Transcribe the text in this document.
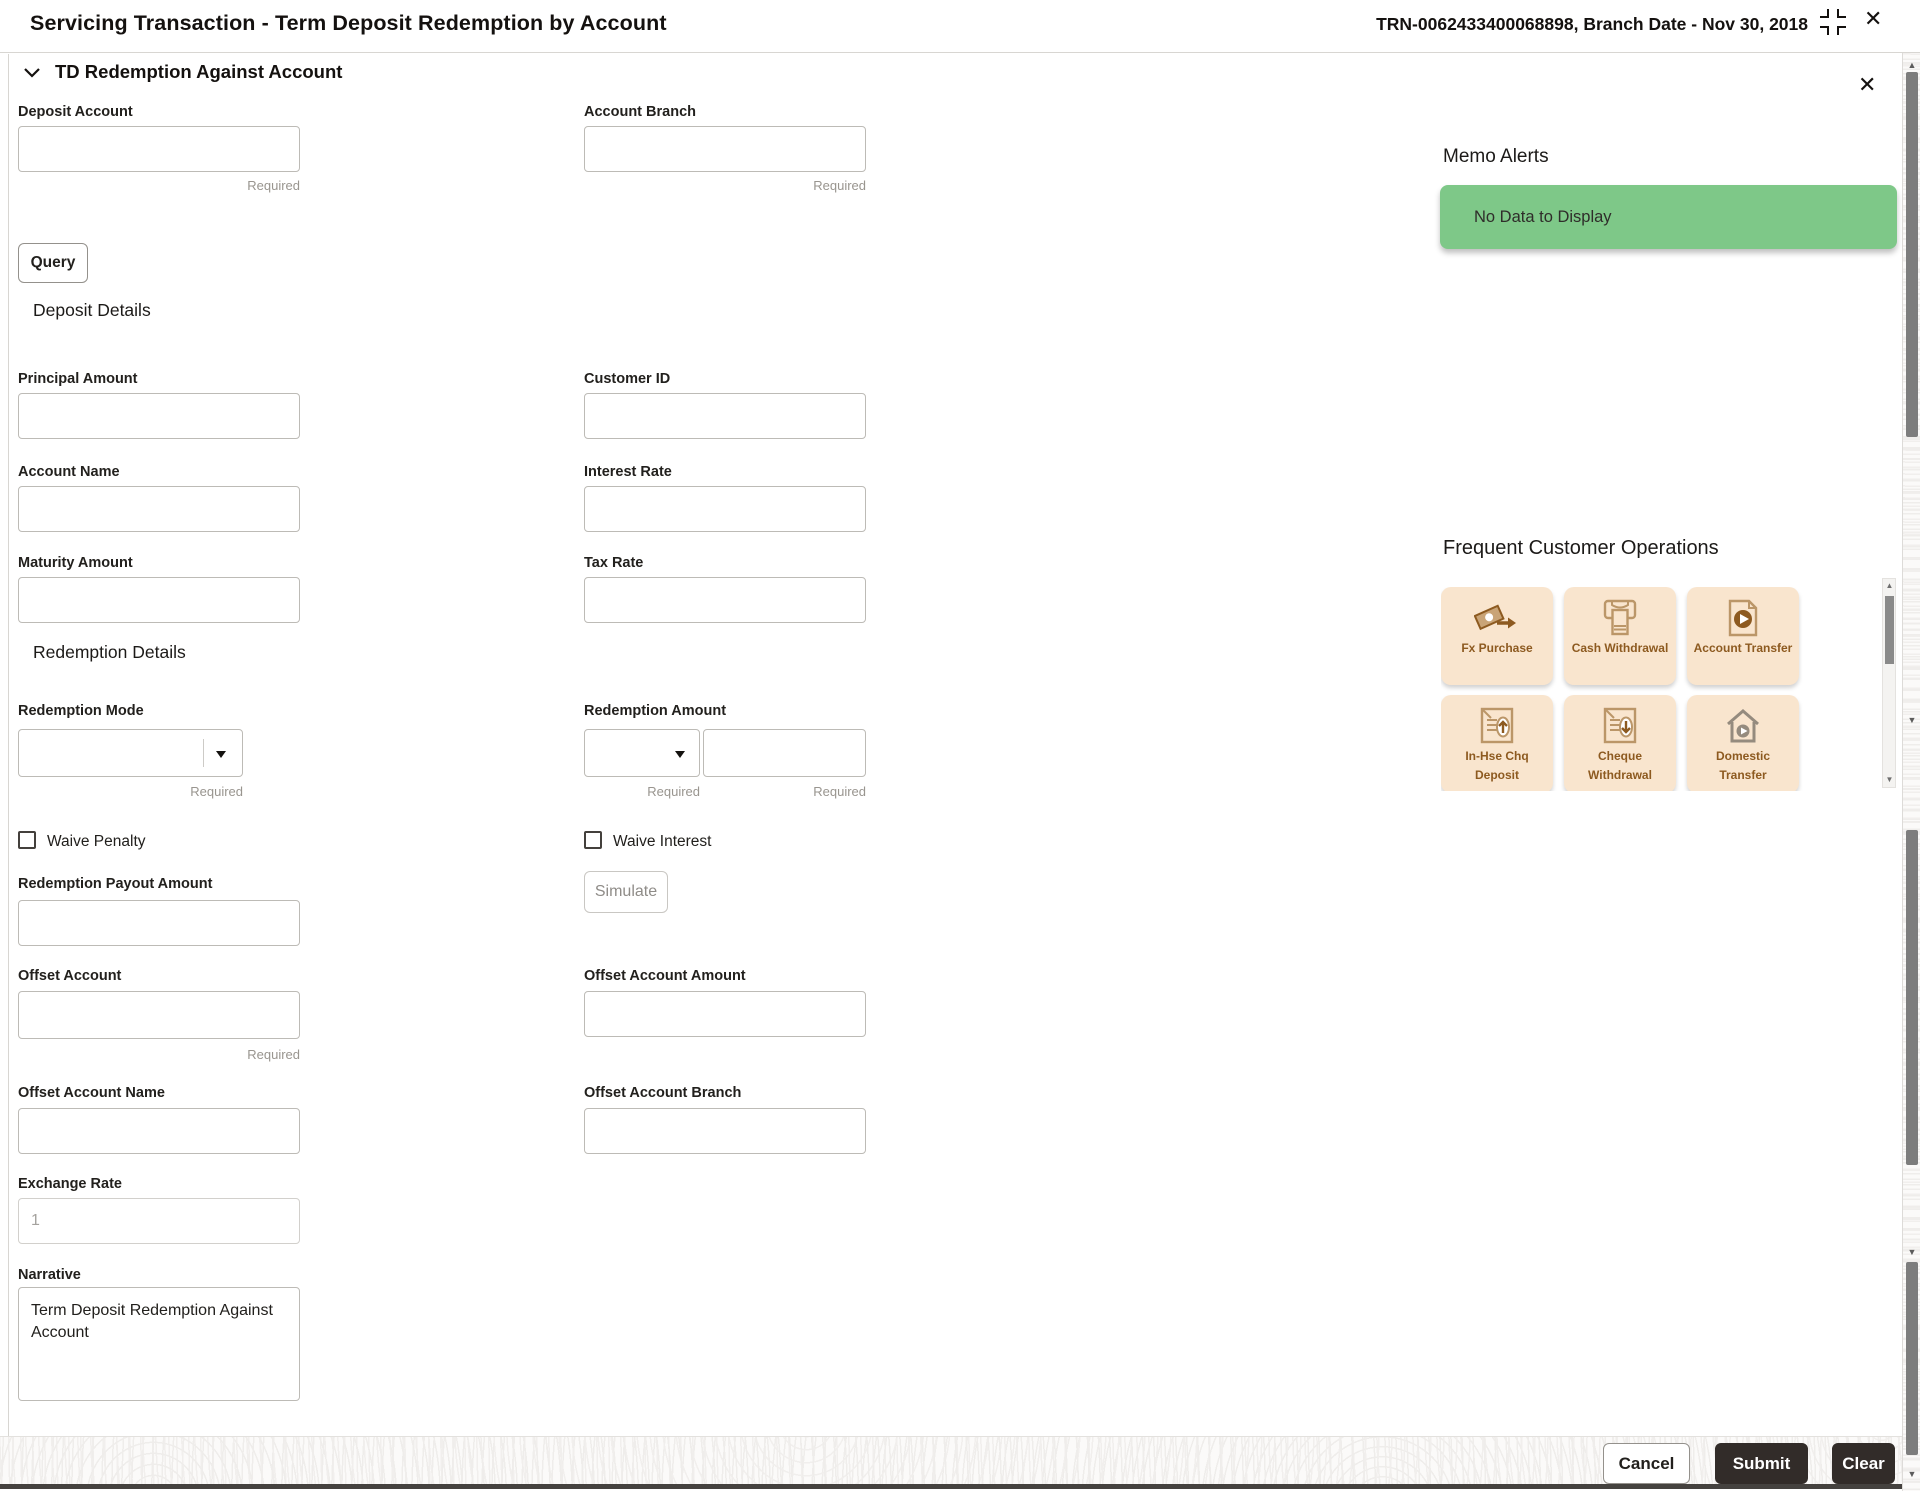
Servicing Transaction - Term Deposit Redemption by Account	TRN-0062433400068898, Branch Date - Nov 30, 2018	✕
TD Redemption Against Account
✕
Deposit Account
Required
Account Branch
Required
Query
Deposit Details
Principal Amount	Customer ID
Account Name	Interest Rate
Maturity Amount	Tax Rate
Redemption Details
Redemption Mode
Required
Redemption Amount
Required	Required
Waive Penalty	Waive Interest
Redemption Payout Amount	Simulate
Offset Account
Required
Offset Account Amount
Offset Account Name	Offset Account Branch
Exchange Rate
1
Narrative
Term Deposit Redemption Against Account
Memo Alerts
No Data to Display
Frequent Customer Operations
Fx Purchase	Cash Withdrawal	Account Transfer
In-Hse Chq Deposit
Cheque Withdrawal
Domestic Transfer
▲
▼
Cancel	Submit	Clear
▲
▼
▼
▼
